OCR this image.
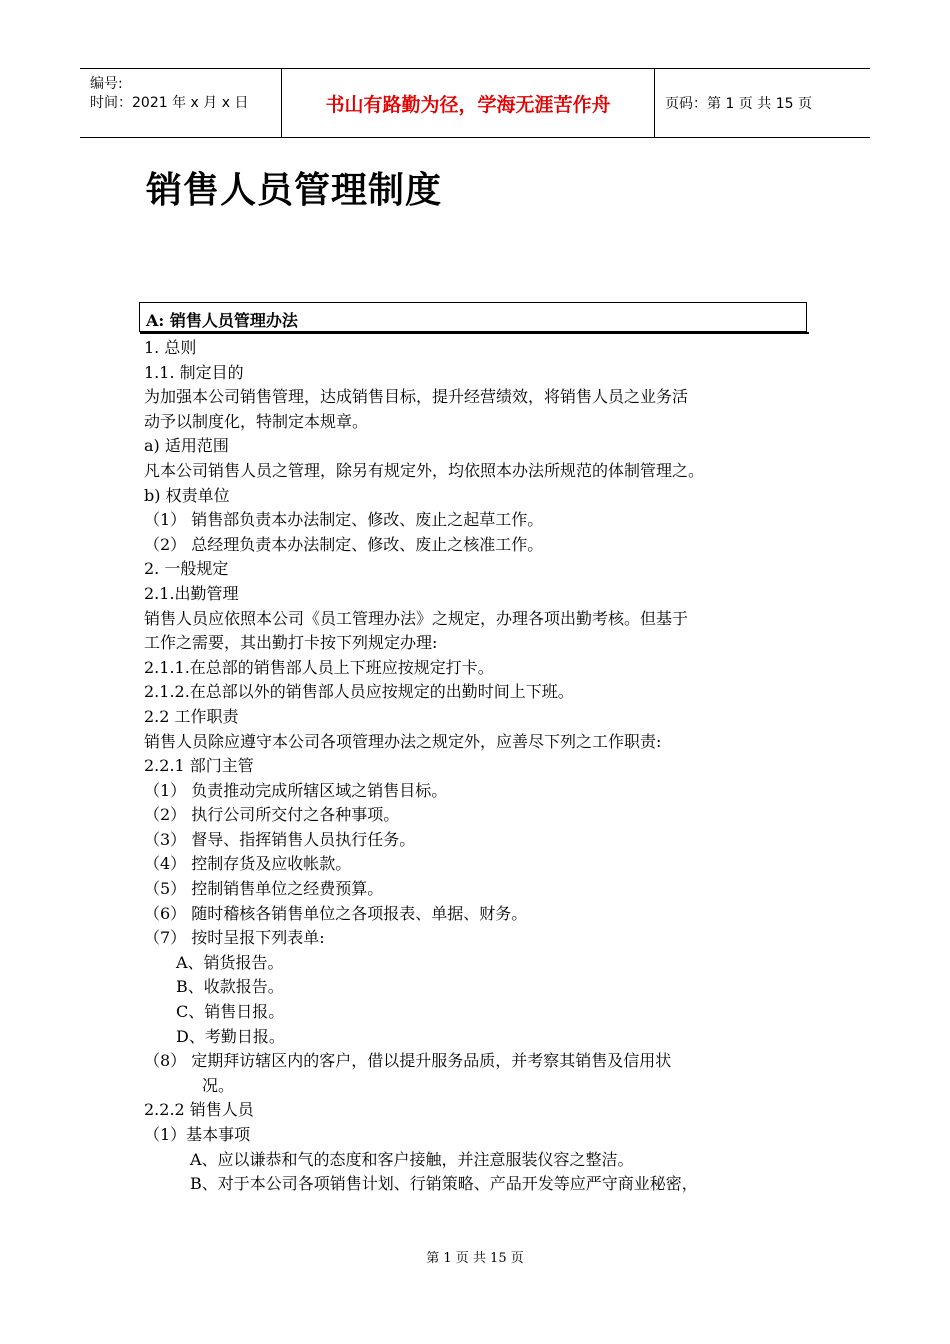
编号:
时间：2021 年 x 月 x 日	书山有路勤为径，学海无涯苦作舟	页码：第 1 页 共 15 页
销售人员管理制度
A: 销售人员管理办法
1. 总则
1.1. 制定目的
为加强本公司销售管理，达成销售目标，提升经营绩效，将销售人员之业务活
动予以制度化，特制定本规章。
a) 适用范围
凡本公司销售人员之管理，除另有规定外，均依照本办法所规范的体制管理之。
b) 权责单位
（1） 销售部负责本办法制定、修改、废止之起草工作。
（2） 总经理负责本办法制定、修改、废止之核准工作。
2. 一般规定
2.1.出勤管理
销售人员应依照本公司《员工管理办法》之规定，办理各项出勤考核。但基于
工作之需要，其出勤打卡按下列规定办理:
2.1.1.在总部的销售部人员上下班应按规定打卡。
2.1.2.在总部以外的销售部人员应按规定的出勤时间上下班。
2.2 工作职责
销售人员除应遵守本公司各项管理办法之规定外，应善尽下列之工作职责:
2.2.1 部门主管
（1） 负责推动完成所辖区域之销售目标。
（2） 执行公司所交付之各种事项。
（3） 督导、指挥销售人员执行任务。
（4） 控制存货及应收帐款。
（5） 控制销售单位之经费预算。
（6） 随时稽核各销售单位之各项报表、单据、财务。
（7） 按时呈报下列表单:
A、销货报告。
B、收款报告。
C、销售日报。
D、考勤日报。
（8） 定期拜访辖区内的客户，借以提升服务品质，并考察其销售及信用状
况。
2.2.2 销售人员
（1）基本事项
A、应以谦恭和气的态度和客户接触，并注意服装仪容之整洁。
B、对于本公司各项销售计划、行销策略、产品开发等应严守商业秘密，
第 1 页 共 15 页
